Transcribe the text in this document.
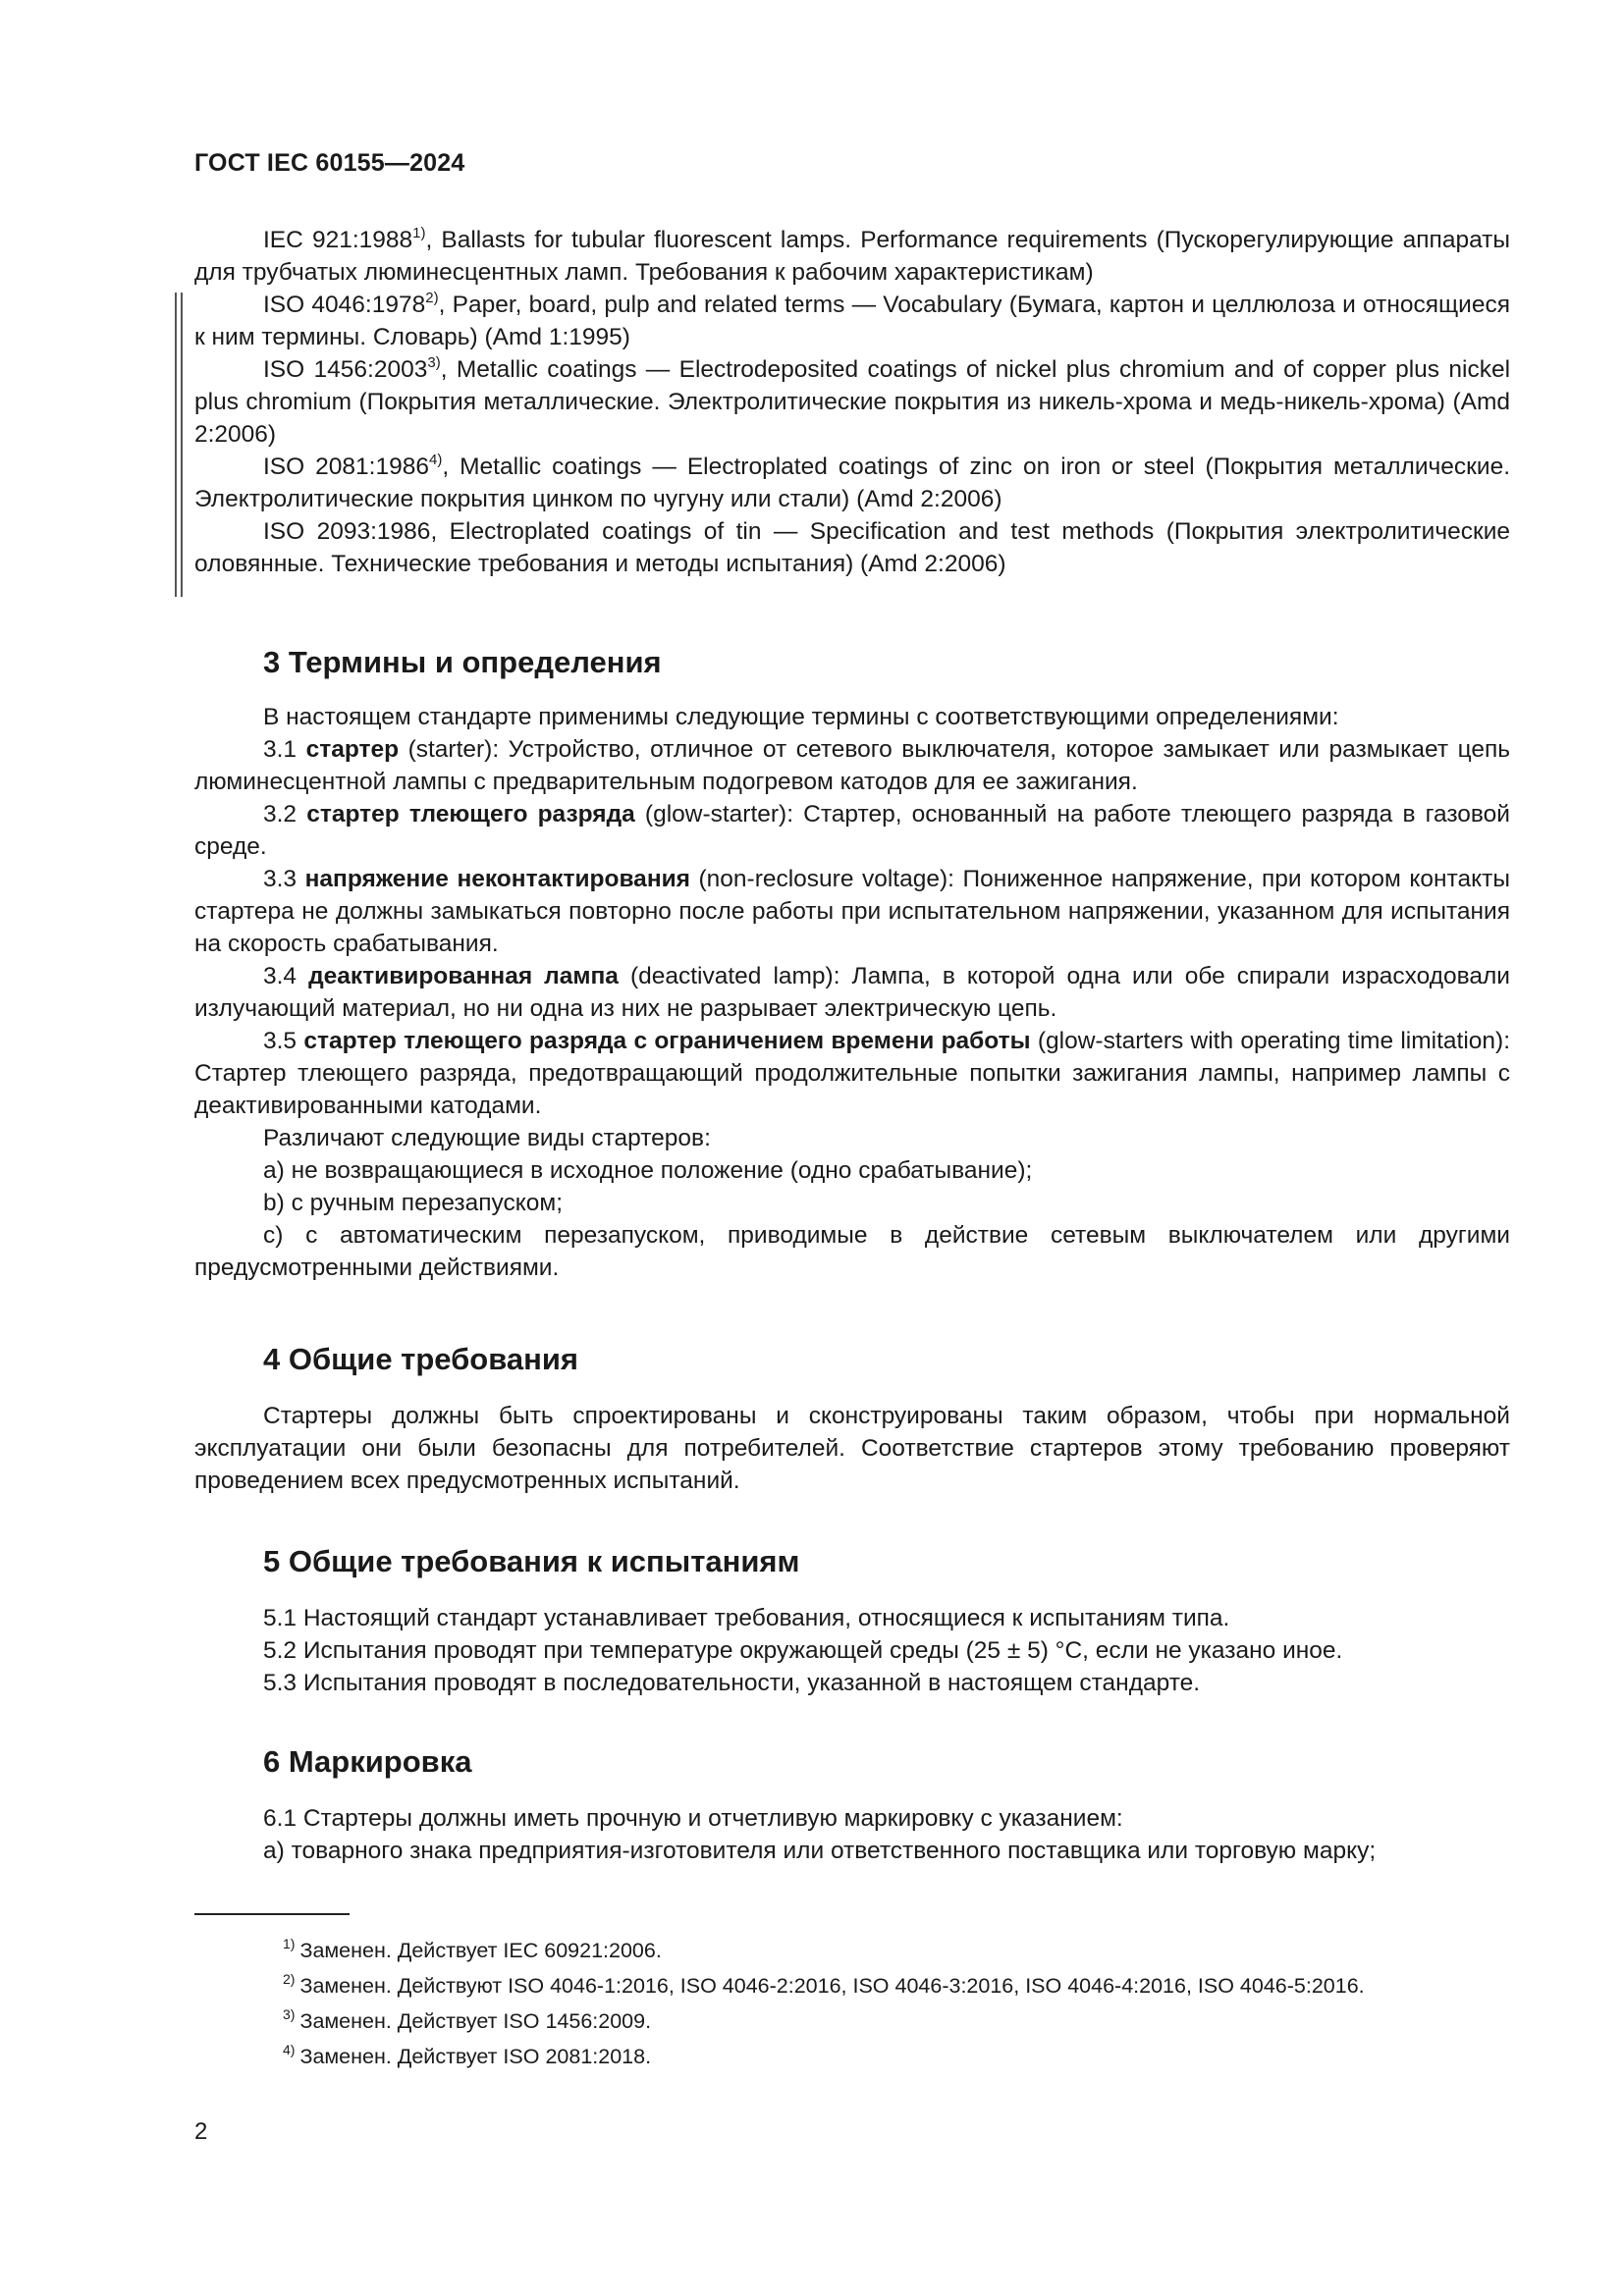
ГОСТ IEC 60155—2024

IEC 921:1988$^{1)}$, Ballasts for tubular fluorescent lamps. Performance requirements (Пускорегулирующие аппараты для трубчатых люминесцентных ламп. Требования к рабочим характеристикам)

ISO 4046:1978$^{2)}$, Paper, board, pulp and related terms — Vocabulary (Бумага, картон и целлюлоза и относящиеся к ним термины. Словарь) (Amd 1:1995)

ISO 1456:2003$^{3)}$, Metallic coatings — Electrodeposited coatings of nickel plus chromium and of copper plus nickel plus chromium (Покрытия металлические. Электролитические покрытия из никель-хрома и медь-никель-хрома) (Amd 2:2006)

ISO 2081:1986$^{4)}$, Metallic coatings — Electroplated coatings of zinc on iron or steel (Покрытия металлические. Электролитические покрытия цинком по чугуну или стали) (Amd 2:2006)

ISO 2093:1986, Electroplated coatings of tin — Specification and test methods (Покрытия электролитические оловянные. Технические требования и методы испытания) (Amd 2:2006)

3 Термины и определения

В настоящем стандарте применимы следующие термины с соответствующими определениями:

3.1 стартер (starter): Устройство, отличное от сетевого выключателя, которое замыкает или размыкает цепь люминесцентной лампы с предварительным подогревом катодов для ее зажигания.

3.2 стартер тлеющего разряда (glow-starter): Стартер, основанный на работе тлеющего разряда в газовой среде.

3.3 напряжение неконтактирования (non-reclosure voltage): Пониженное напряжение, при котором контакты стартера не должны замыкаться повторно после работы при испытательном напряжении, указанном для испытания на скорость срабатывания.

3.4 деактивированная лампа (deactivated lamp): Лампа, в которой одна или обе спирали израсходовали излучающий материал, но ни одна из них не разрывает электрическую цепь.

3.5 стартер тлеющего разряда с ограничением времени работы (glow-starters with operating time limitation): Стартер тлеющего разряда, предотвращающий продолжительные попытки зажигания лампы, например лампы с деактивированными катодами.

Различают следующие виды стартеров:

a) не возвращающиеся в исходное положение (одно срабатывание);

b) с ручным перезапуском;

c) с автоматическим перезапуском, приводимые в действие сетевым выключателем или другими предусмотренными действиями.

4 Общие требования

Стартеры должны быть спроектированы и сконструированы таким образом, чтобы при нормальной эксплуатации они были безопасны для потребителей. Соответствие стартеров этому требованию проверяют проведением всех предусмотренных испытаний.

5 Общие требования к испытаниям

5.1 Настоящий стандарт устанавливает требования, относящиеся к испытаниям типа.

5.2 Испытания проводят при температуре окружающей среды (25 ± 5) °С, если не указано иное.

5.3 Испытания проводят в последовательности, указанной в настоящем стандарте.

6 Маркировка

6.1 Стартеры должны иметь прочную и отчетливую маркировку с указанием:

a) товарного знака предприятия-изготовителя или ответственного поставщика или торговую марку;

$^{1)}$ Заменен. Действует IEC 60921:2006.
$^{2)}$ Заменен. Действуют ISO 4046-1:2016, ISO 4046-2:2016, ISO 4046-3:2016, ISO 4046-4:2016, ISO 4046-5:2016.
$^{3)}$ Заменен. Действует ISO 1456:2009.
$^{4)}$ Заменен. Действует ISO 2081:2018.
2
